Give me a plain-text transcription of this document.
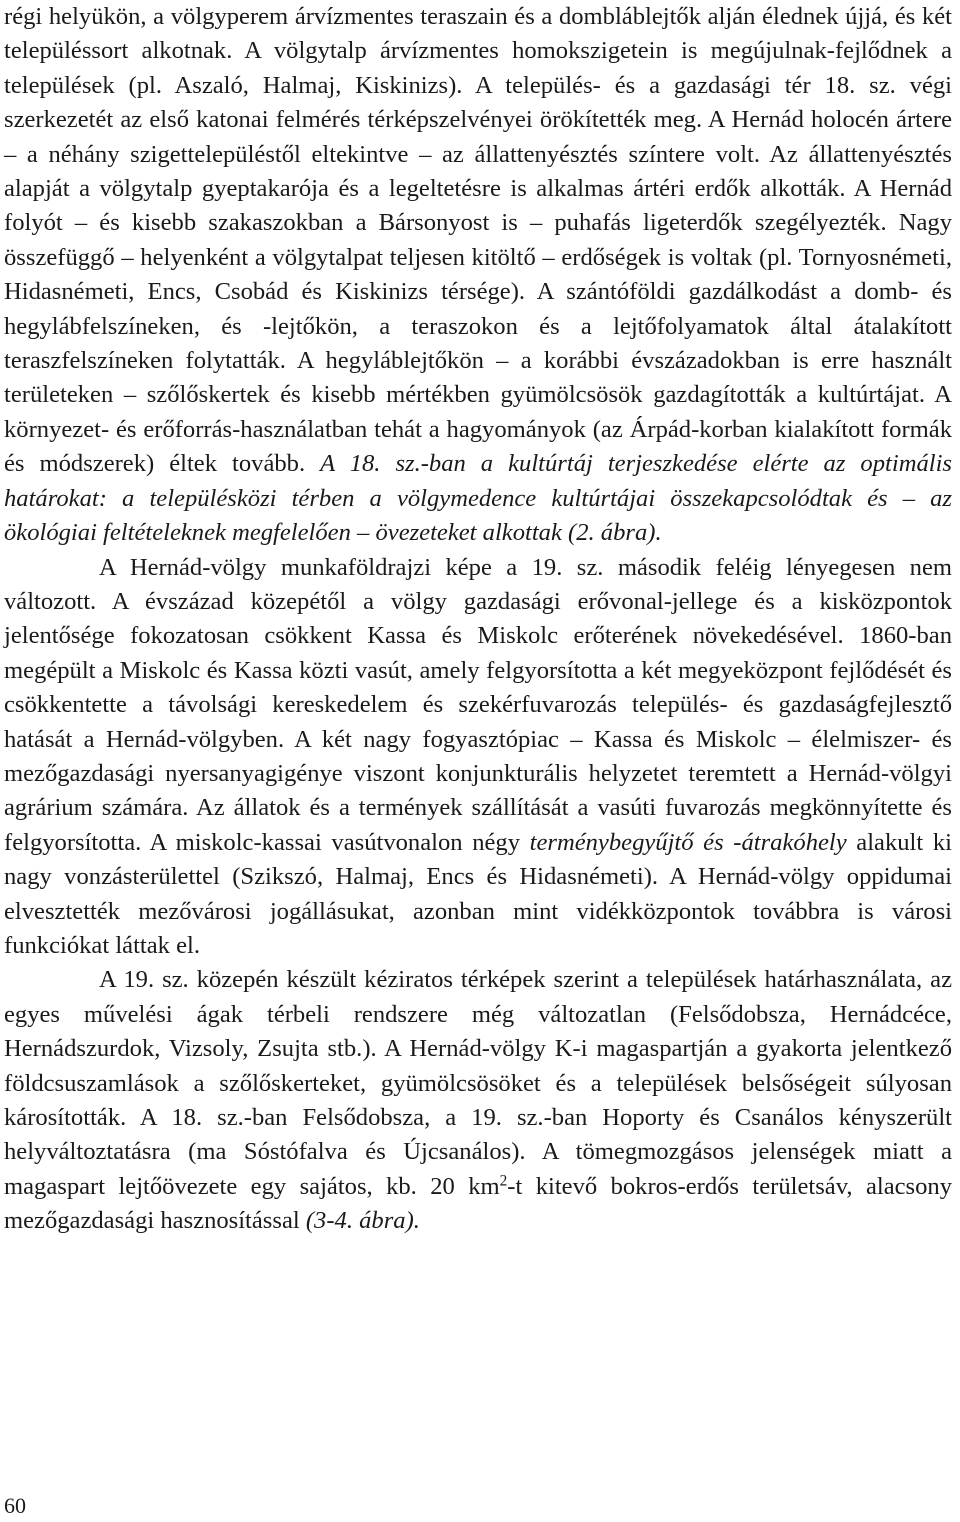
régi helyükön, a völgyperem árvízmentes teraszain és a dombláblejtők alján élednek újjá, és két településsort alkotnak. A völgytalp árvízmentes homokszigetein is megújulnak-fejlődnek a települések (pl. Aszaló, Halmaj, Kiskinizs). A település- és a gazdasági tér 18. sz. végi szerkezetét az első katonai felmérés térképszelvényei örökítették meg. A Hernád holocén ártere – a néhány szigettelepüléstől eltekintve – az állattenyésztés színtere volt. Az állattenyésztés alapját a völgytalp gyeptakarója és a legeltetésre is alkalmas ártéri erdők alkották. A Hernád folyót – és kisebb szakaszokban a Bársonyost is – puhafás ligeterdők szegélyezték. Nagy összefüggő – helyenként a völgytalpat teljesen kitöltő – erdőségek is voltak (pl. Tornyosnémeti, Hidasnémeti, Encs, Csobád és Kiskinizs térsége). A szántóföldi gazdálkodást a domb- és hegylábfelszíneken, és -lejtőkön, a teraszokon és a lejtőfolyamatok által átalakított teraszfelszíneken folytatták. A hegyláblejtőkön – a korábbi évszázadokban is erre használt területeken – szőlőskertek és kisebb mértékben gyümölcsösök gazdagították a kultúrtájat. A környezet- és erőforrás-használatban tehát a hagyományok (az Árpád-korban kialakított formák és módszerek) éltek tovább. A 18. sz.-ban a kultúrtáj terjeszkedése elérte az optimális határokat: a településközi térben a völgymedence kultúrtájai összekapcsolódtak és – az ökológiai feltételeknek megfelelően – övezeteket alkottak (2. ábra).

A Hernád-völgy munkaföldrajzi képe a 19. sz. második feléig lényegesen nem változott. A évszázad közepétől a völgy gazdasági erővonal-jellege és a kisközpontok jelentősége fokozatosan csökkent Kassa és Miskolc erőterének növekedésével. 1860-ban megépült a Miskolc és Kassa közti vasút, amely felgyorsította a két megyeközpont fejlődését és csökkentette a távolsági kereskedelem és szekérfuvarozás település- és gazdaságfejlesztő hatását a Hernád-völgyben. A két nagy fogyasztópiac – Kassa és Miskolc – élelmiszer- és mezőgazdasági nyersanyagigénye viszont konjunkturális helyzetet teremtett a Hernád-völgyi agrárium számára. Az állatok és a termények szállítását a vasúti fuvarozás megkönnyítette és felgyorsította. A miskolc-kassai vasútvonalon négy terménybegyűjtő és -átrakóhely alakult ki nagy vonzásterülettel (Szikszó, Halmaj, Encs és Hidasnémeti). A Hernád-völgy oppidumai elvesztették mezővárosi jogállásukat, azonban mint vidékközpontok továbbra is városi funkciókat láttak el.

A 19. sz. közepén készült kéziratos térképek szerint a települések határhasználata, az egyes művelési ágak térbeli rendszere még változatlan (Felsődobsza, Hernádcéce, Hernádszurdok, Vizsoly, Zsujta stb.). A Hernád-völgy K-i magaspartján a gyakorta jelentkező földcsuszamlások a szőlőskerteket, gyümölcsösöket és a települések belsőségeit súlyosan károsították. A 18. sz.-ban Felsődobsza, a 19. sz.-ban Hoporty és Csanálos kényszerült helyváltoztatásra (ma Sóstófalva és Újcsanálos). A tömegmozgásos jelenségek miatt a magaspart lejtőövezete egy sajátos, kb. 20 $km^2-t$ kitevő bokros-erdős területsáv, alacsony mezőgazdasági hasznosítással (3-4. ábra).

60
